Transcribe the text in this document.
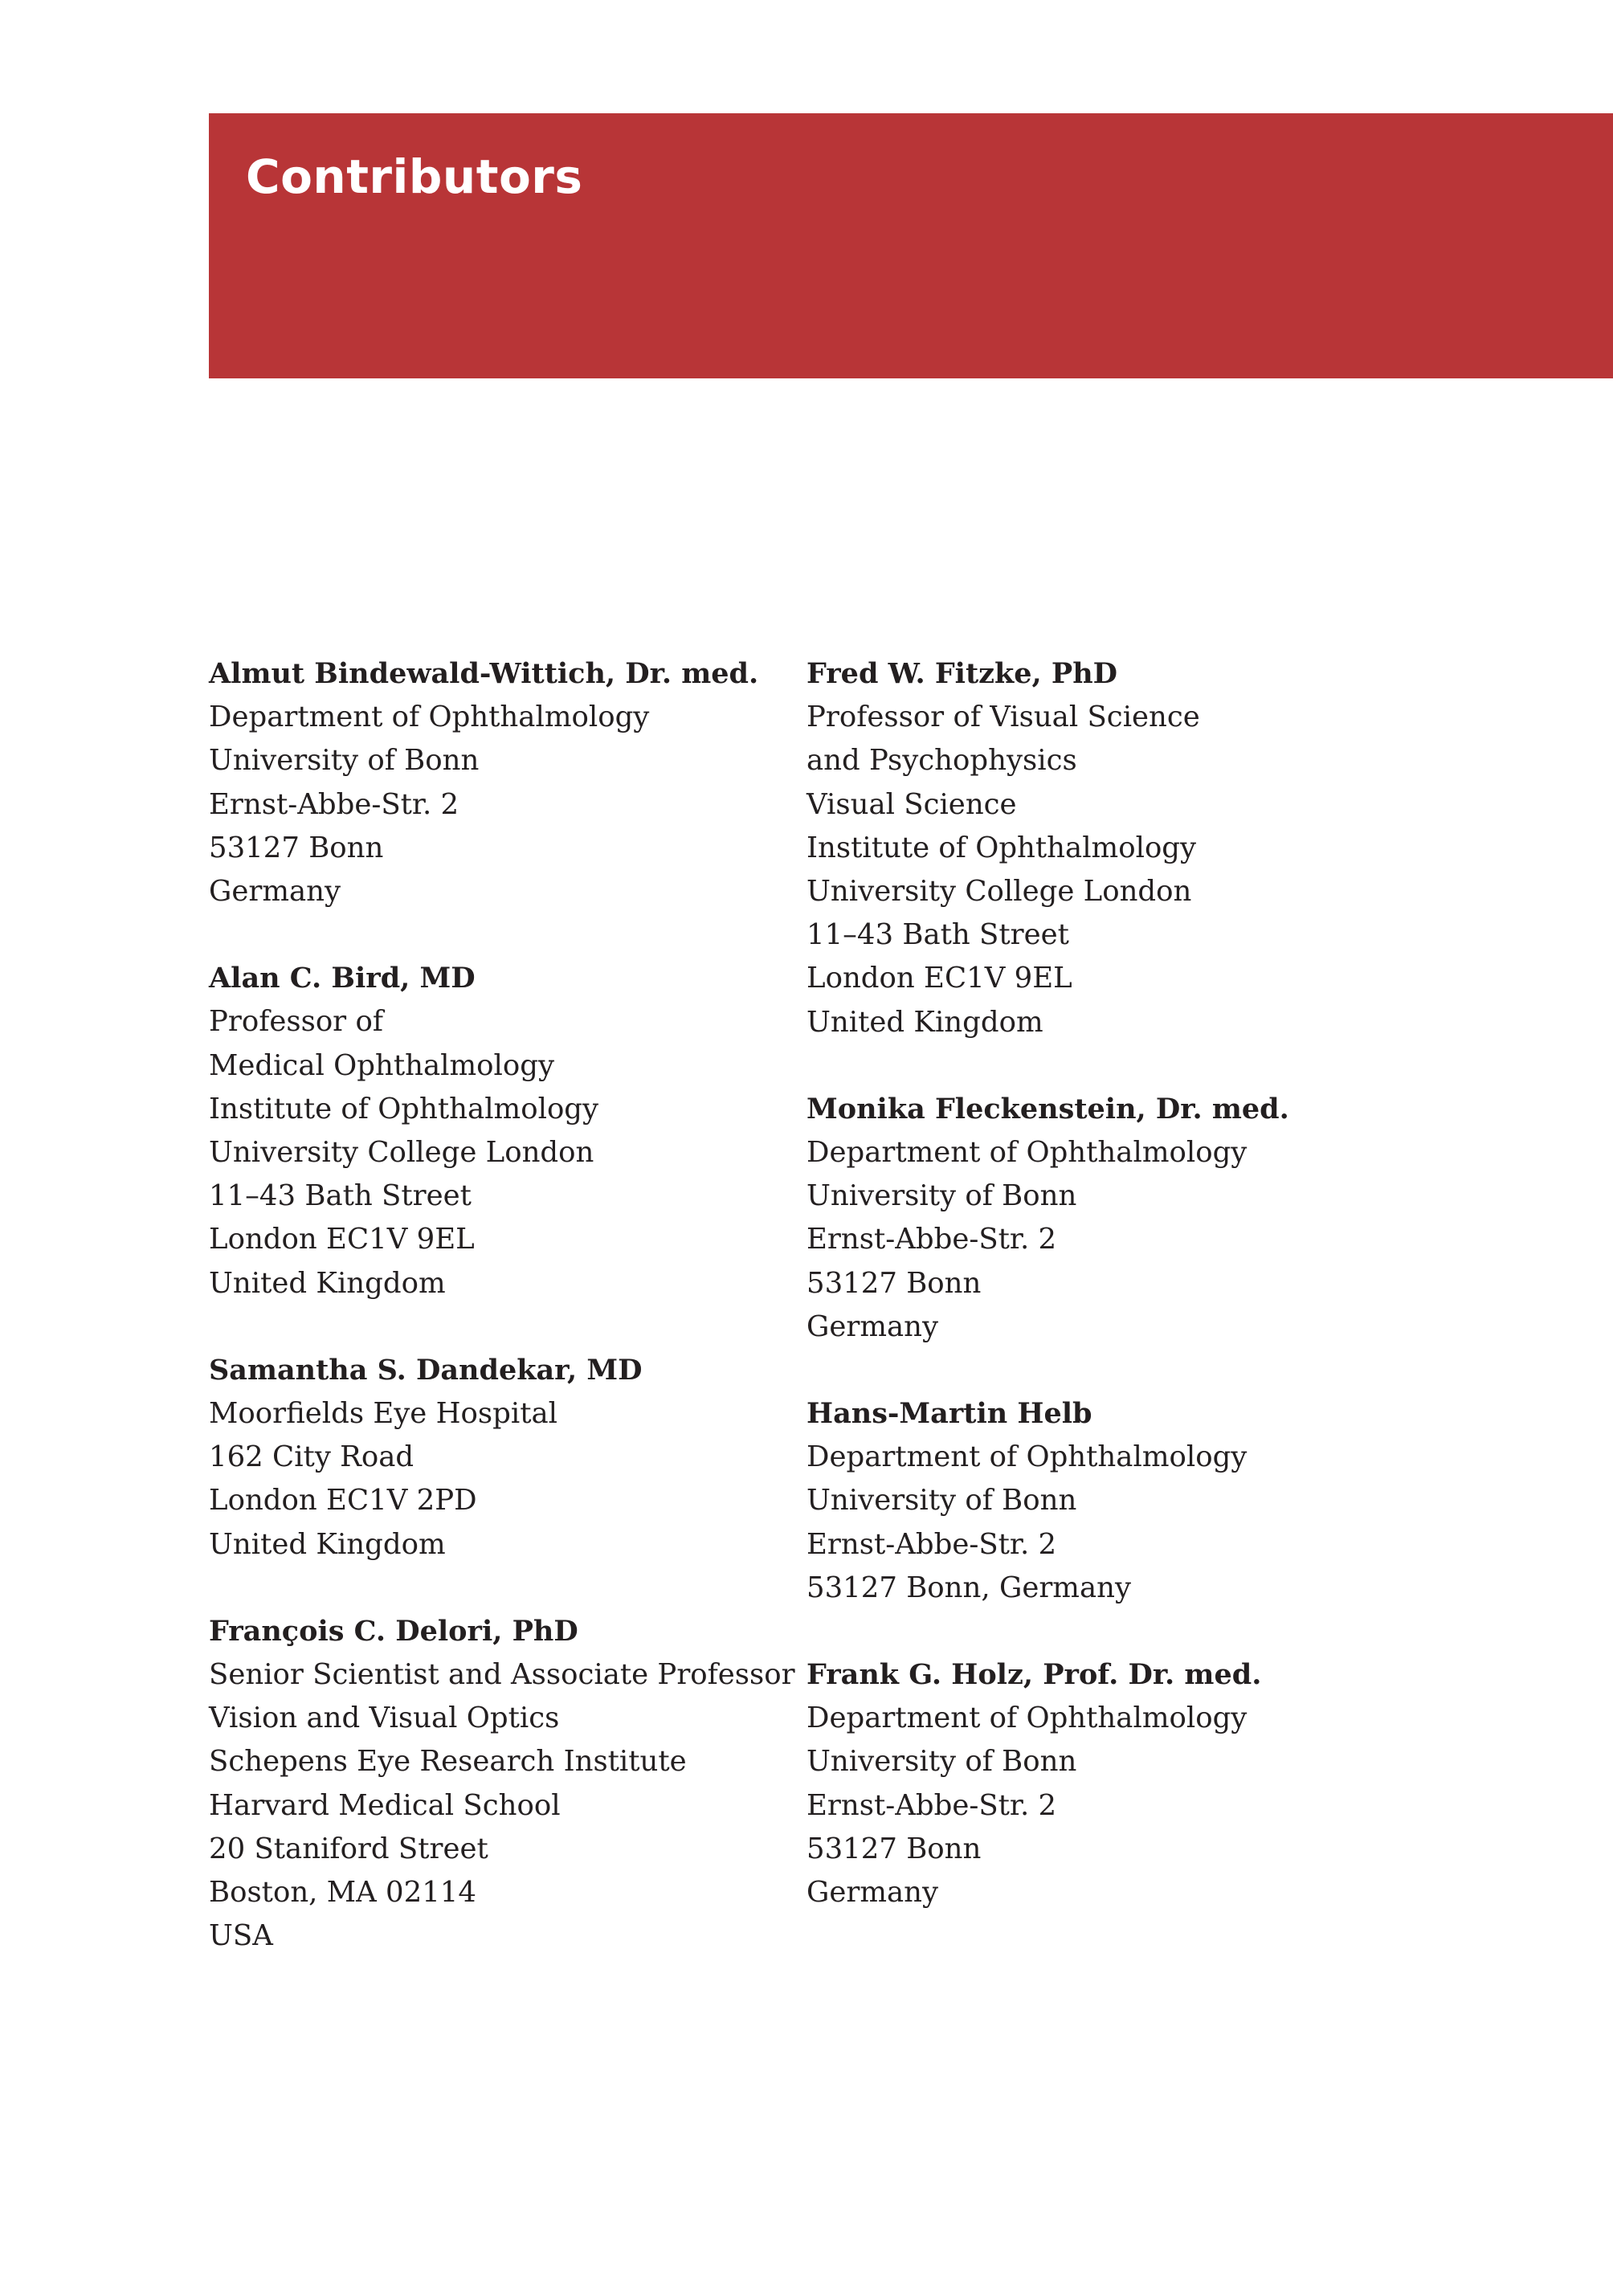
Contributors

Almut Bindewald-Wittich, Dr. med.

Department of Ophthalmology

University of Bonn

Ernst-Abbe-Str. 2

53127 Bonn

Germany

Alan C. Bird, MD

Professor of

Medical Ophthalmology

Institute of Ophthalmology

University College London

11–43 Bath Street

London EC1V 9EL

United Kingdom

Samantha S. Dandekar, MD

Moorfields Eye Hospital

162 City Road

London EC1V 2PD

United Kingdom

François C. Delori, PhD

Senior Scientist and Associate Professor

Vision and Visual Optics

Schepens Eye Research Institute

Harvard Medical School

20 Staniford Street

Boston, MA 02114

USA

Fred W. Fitzke, PhD

Professor of Visual Science

and Psychophysics

Visual Science

Institute of Ophthalmology

University College London

11–43 Bath Street

London EC1V 9EL

United Kingdom

Monika Fleckenstein, Dr. med.

Department of Ophthalmology

University of Bonn

Ernst-Abbe-Str. 2

53127 Bonn

Germany

Hans-Martin Helb

Department of Ophthalmology

University of Bonn

Ernst-Abbe-Str. 2

53127 Bonn, Germany

Frank G. Holz, Prof. Dr. med.

Department of Ophthalmology

University of Bonn

Ernst-Abbe-Str. 2

53127 Bonn

Germany
